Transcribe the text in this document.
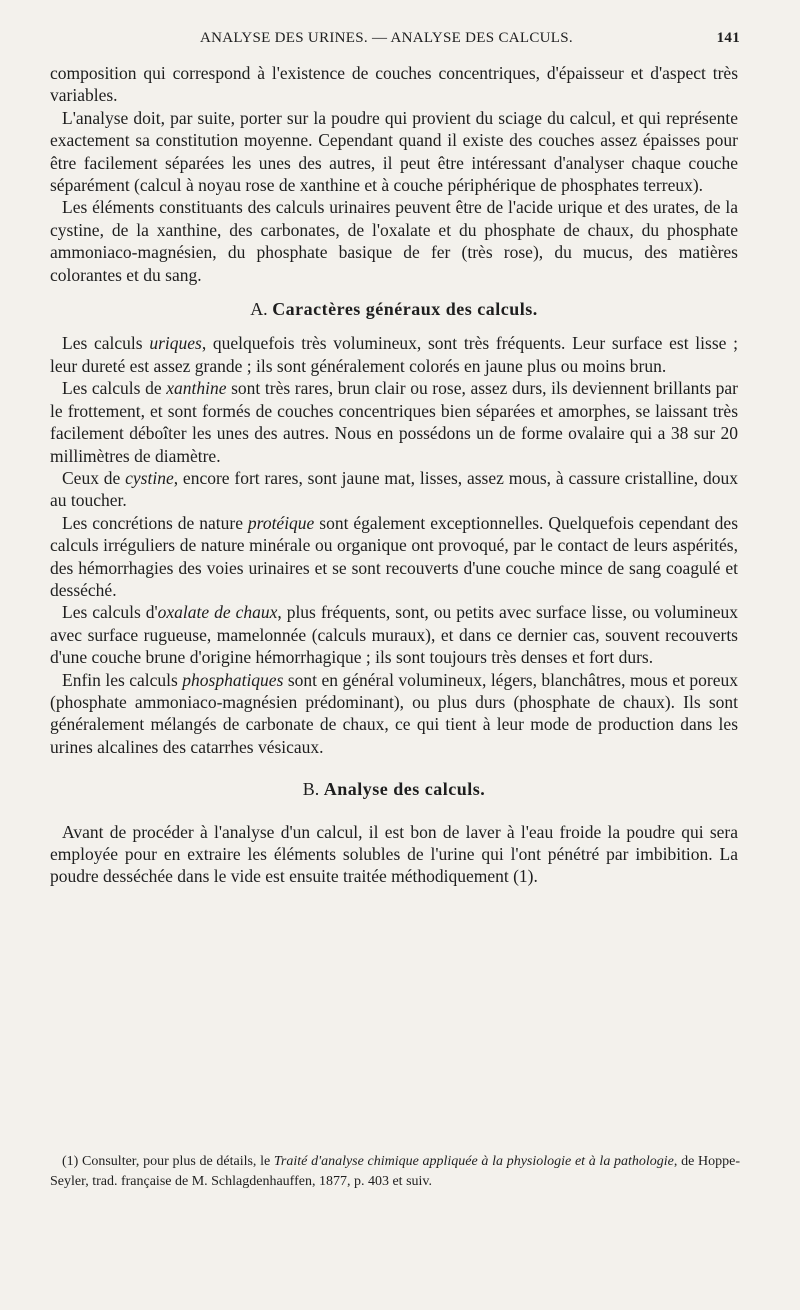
ANALYSE DES URINES. — ANALYSE DES CALCULS.	141

composition qui correspond à l'existence de couches concentriques, d'épaisseur et d'aspect très variables.

L'analyse doit, par suite, porter sur la poudre qui provient du sciage du calcul, et qui représente exactement sa constitution moyenne. Cependant quand il existe des couches assez épaisses pour être facilement séparées les unes des autres, il peut être intéressant d'analyser chaque couche séparément (calcul à noyau rose de xanthine et à couche périphérique de phosphates terreux).

Les éléments constituants des calculs urinaires peuvent être de l'acide urique et des urates, de la cystine, de la xanthine, des carbonates, de l'oxalate et du phosphate de chaux, du phosphate ammoniaco-magnésien, du phosphate basique de fer (très rose), du mucus, des matières colorantes et du sang.

A. Caractères généraux des calculs.

Les calculs uriques, quelquefois très volumineux, sont très fréquents. Leur surface est lisse ; leur dureté est assez grande ; ils sont généralement colorés en jaune plus ou moins brun.

Les calculs de xanthine sont très rares, brun clair ou rose, assez durs, ils deviennent brillants par le frottement, et sont formés de couches concentriques bien séparées et amorphes, se laissant très facilement déboîter les unes des autres. Nous en possédons un de forme ovalaire qui a 38 sur 20 millimètres de diamètre.

Ceux de cystine, encore fort rares, sont jaune mat, lisses, assez mous, à cassure cristalline, doux au toucher.

Les concrétions de nature protéique sont également exceptionnelles. Quelquefois cependant des calculs irréguliers de nature minérale ou organique ont provoqué, par le contact de leurs aspérités, des hémorrhagies des voies urinaires et se sont recouverts d'une couche mince de sang coagulé et desséché.

Les calculs d'oxalate de chaux, plus fréquents, sont, ou petits avec surface lisse, ou volumineux avec surface rugueuse, mamelonnée (calculs muraux), et dans ce dernier cas, souvent recouverts d'une couche brune d'origine hémorrhagique ; ils sont toujours très denses et fort durs.

Enfin les calculs phosphatiques sont en général volumineux, légers, blanchâtres, mous et poreux (phosphate ammoniaco-magnésien prédominant), ou plus durs (phosphate de chaux). Ils sont généralement mélangés de carbonate de chaux, ce qui tient à leur mode de production dans les urines alcalines des catarrhes vésicaux.

B. Analyse des calculs.

Avant de procéder à l'analyse d'un calcul, il est bon de laver à l'eau froide la poudre qui sera employée pour en extraire les éléments solubles de l'urine qui l'ont pénétré par imbibition. La poudre desséchée dans le vide est ensuite traitée méthodiquement (1).

(1) Consulter, pour plus de détails, le Traité d'analyse chimique appliquée à la physiologie et à la pathologie, de Hoppe-Seyler, trad. française de M. Schlagdenhauffen, 1877, p. 403 et suiv.
